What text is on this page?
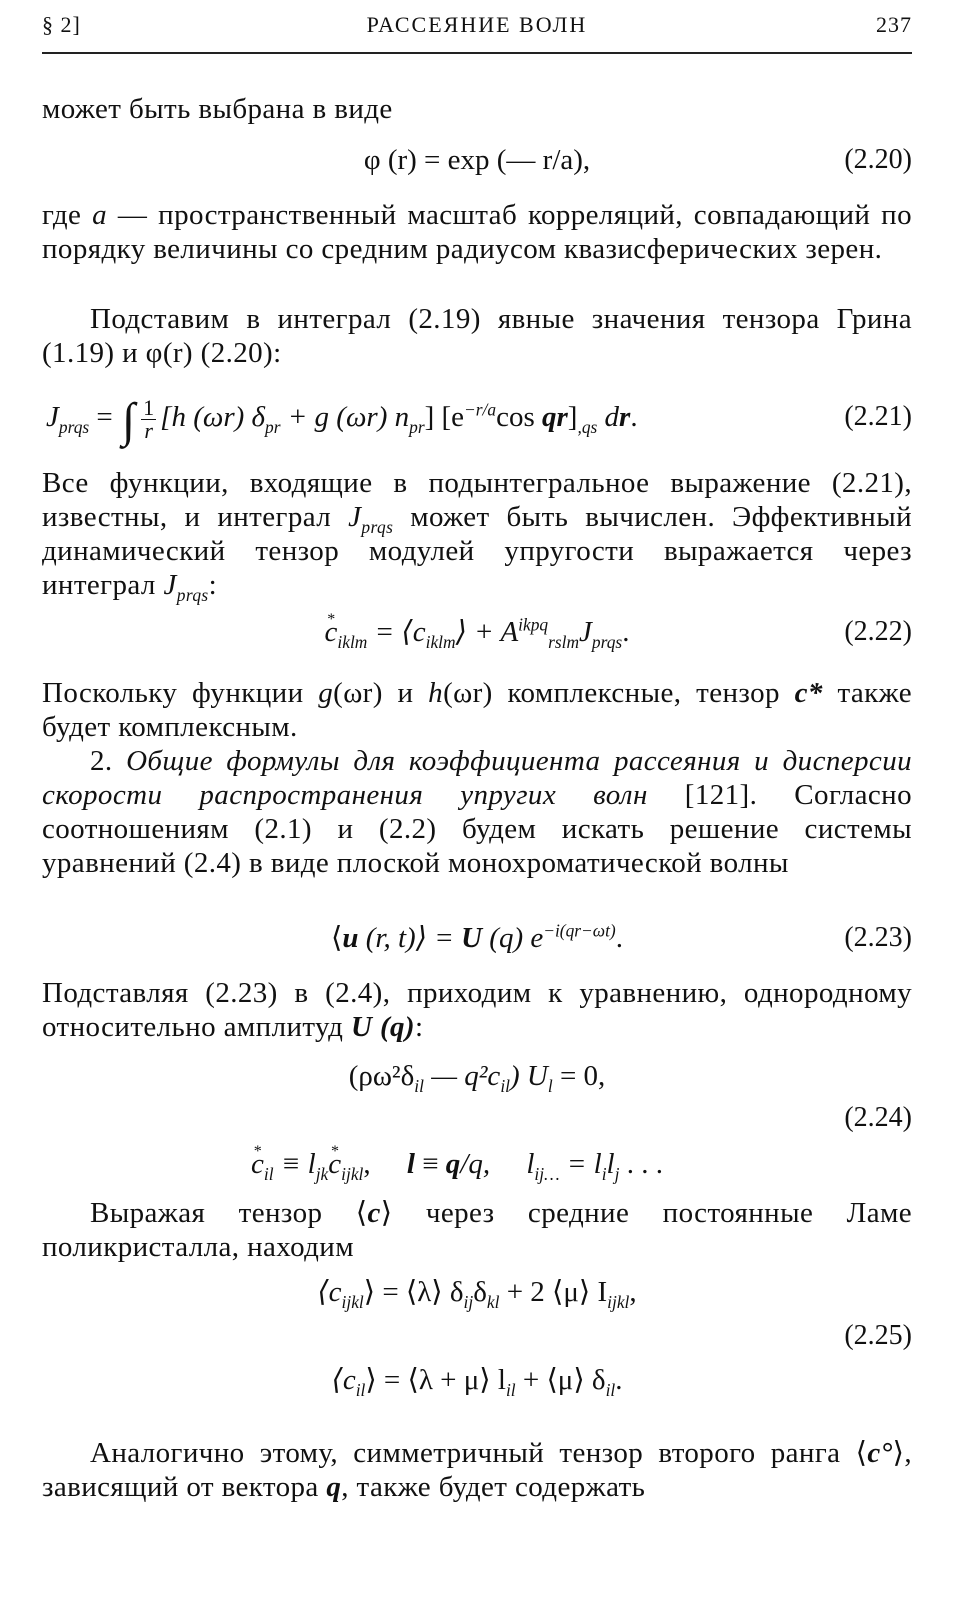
§ 2]	РАССЕЯНИЕ ВОЛН	237
может быть выбрана в виде
φ (r) = exp (— r/a),	(2.20)
где a — пространственный масштаб корреляций, совпадающий по порядку величины со средним радиусом квазисферических зерен.
Подставим в интеграл (2.19) явные значения тензора Грина (1.19) и φ(r) (2.20):
$J_{prqs}$ = ∫ $\frac{1}{r} [h$ (ωr) $\delta_{pr} + g$ (ωr) $n_{pr}$] [$e^{-r/a}\cos$ $qr]_{,qs}$ dr.	(2.21)
Все функции, входящие в подынтегральное выражение (2.21), известны, и интеграл $J_{prqs}$ может быть вычислен. Эффективный динамический тензор модулей упругости выражается через интеграл $J_{prqs}$:
* $c_{iklm}$ = $⟨c_{iklm}⟩ + A^{ikpq}_{rslm}J_{prqs}$.	(2.22)
Поскольку функции g(ωr) и h(ωr) комплексные, тензор c* также будет комплексным.
2. Общие формулы для коэффициента рассеяния и дисперсии скорости распространения упругих волн [121]. Согласно соотношениям (2.1) и (2.2) будем искать решение системы уравнений (2.4) в виде плоской монохроматической волны
⟨u (r, t)⟩ = U (q) $e^{-i(qr-\omega t)}$.	(2.23)
Подставляя (2.23) в (2.4), приходим к уравнению, однородному относительно амплитуд U (q):
($\rho\omega^2\delta_{il}$ — $q^2c_{il}$) $U_l = 0$,
(2.24)
* $c_{il} \equiv l_{jk}*$ $c_{ijkl}$,     l ≡ q/q,     $l_{ij\dots} = l_il_j$ . . .
Выражая тензор ⟨c⟩ через средние постоянные Ламе поликристалла, находим
$⟨c_{ijkl}⟩$ = ⟨λ⟩ $\delta_{ij}\delta_{kl} + 2$ ⟨μ⟩ $I_{ijkl}$,
(2.25)
$⟨c_{il}⟩$ = ⟨λ + μ⟩ $l_{il}$ + ⟨μ⟩ $\delta_{il}$.
Аналогично этому, симметричный тензор второго ранга ⟨c°⟩, зависящий от вектора q, также будет содержать
